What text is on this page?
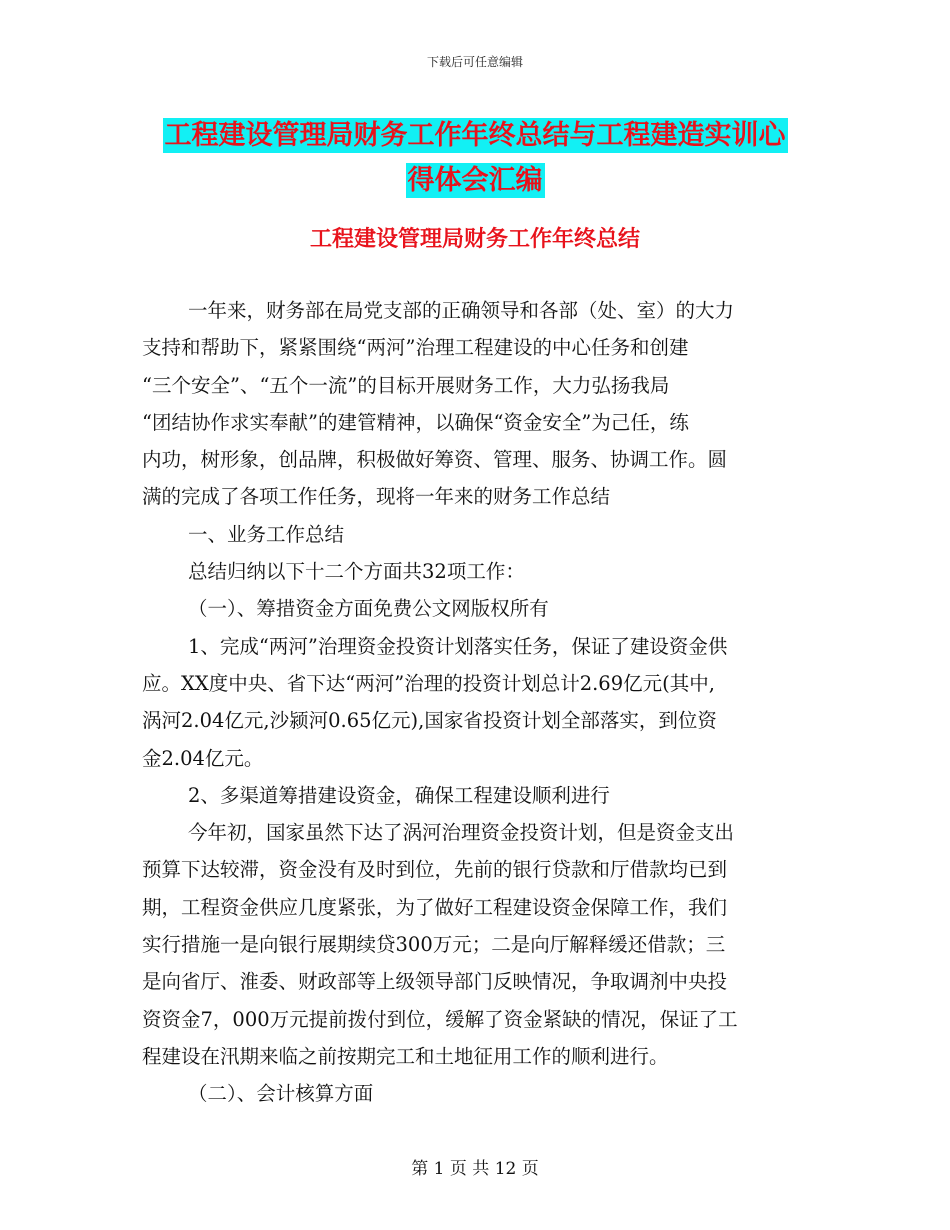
下载后可任意编辑
工程建设管理局财务工作年终总结与工程建造实训心
得体会汇编
工程建设管理局财务工作年终总结
一年来，财务部在局党支部的正确领导和各部（处、室）的大力
支持和帮助下，紧紧围绕“两河”治理工程建设的中心任务和创建
“三个安全”、“五个一流”的目标开展财务工作，大力弘扬我局
“团结协作求实奉献”的建管精神，以确保“资金安全”为己任，练
内功，树形象，创品牌，积极做好筹资、管理、服务、协调工作。圆
满的完成了各项工作任务，现将一年来的财务工作总结
一、业务工作总结
总结归纳以下十二个方面共32项工作：
（一）、筹措资金方面免费公文网版权所有
1、完成“两河”治理资金投资计划落实任务，保证了建设资金供
应。XX度中央、省下达“两河”治理的投资计划总计2.69亿元(其中,
涡河2.04亿元,沙颍河0.65亿元),国家省投资计划全部落实，到位资
金2.04亿元。
2、多渠道筹措建设资金，确保工程建设顺利进行
今年初，国家虽然下达了涡河治理资金投资计划，但是资金支出
预算下达较滞，资金没有及时到位，先前的银行贷款和厅借款均已到
期，工程资金供应几度紧张，为了做好工程建设资金保障工作，我们
实行措施一是向银行展期续贷300万元；二是向厅解释缓还借款；三
是向省厅、淮委、财政部等上级领导部门反映情况，争取调剂中央投
资资金7，000万元提前拨付到位，缓解了资金紧缺的情况，保证了工
程建设在汛期来临之前按期完工和土地征用工作的顺利进行。
（二）、会计核算方面
第 1 页 共 12 页
